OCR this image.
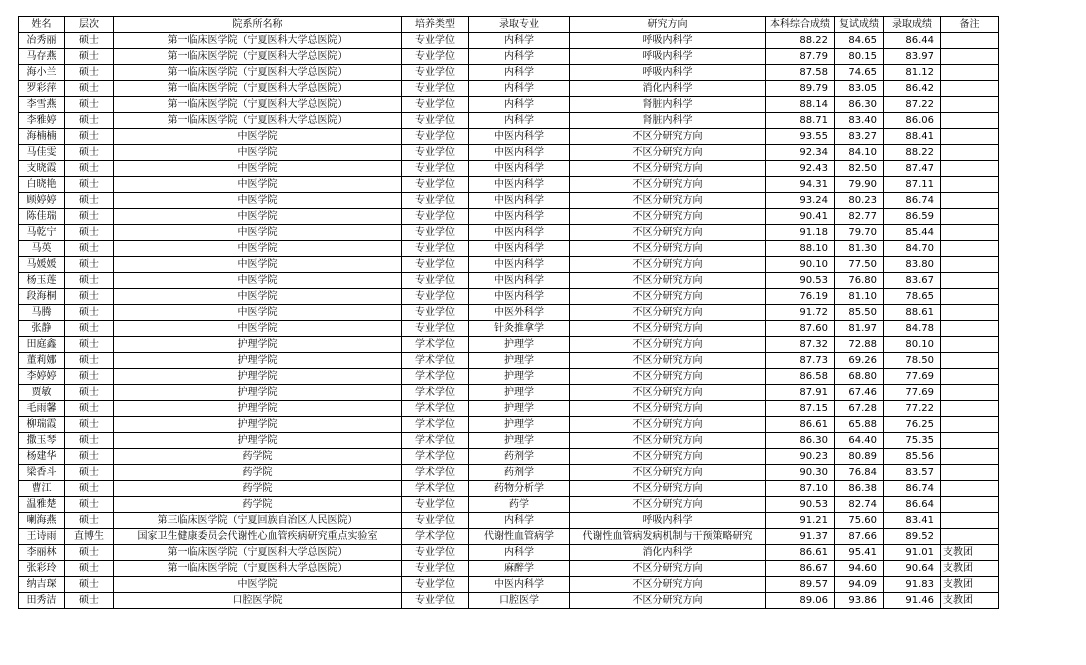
姓名	层次	院系所名称	培养类型	录取专业	研究方向	本科综合成绩	复试成绩	录取成绩	备注
冶秀丽	硕士	第一临床医学院（宁夏医科大学总医院）	专业学位	内科学	呼吸内科学	88.22	84.65	86.44	
马存燕	硕士	第一临床医学院（宁夏医科大学总医院）	专业学位	内科学	呼吸内科学	87.79	80.15	83.97	
海小兰	硕士	第一临床医学院（宁夏医科大学总医院）	专业学位	内科学	呼吸内科学	87.58	74.65	81.12	
罗彩萍	硕士	第一临床医学院（宁夏医科大学总医院）	专业学位	内科学	消化内科学	89.79	83.05	86.42	
李雪燕	硕士	第一临床医学院（宁夏医科大学总医院）	专业学位	内科学	肾脏内科学	88.14	86.30	87.22	
李雅婷	硕士	第一临床医学院（宁夏医科大学总医院）	专业学位	内科学	肾脏内科学	88.71	83.40	86.06	
海楠楠	硕士	中医学院	专业学位	中医内科学	不区分研究方向	93.55	83.27	88.41	
马佳雯	硕士	中医学院	专业学位	中医内科学	不区分研究方向	92.34	84.10	88.22	
支晓霞	硕士	中医学院	专业学位	中医内科学	不区分研究方向	92.43	82.50	87.47	
白晓艳	硕士	中医学院	专业学位	中医内科学	不区分研究方向	94.31	79.90	87.11	
顾婷婷	硕士	中医学院	专业学位	中医内科学	不区分研究方向	93.24	80.23	86.74	
陈佳瑞	硕士	中医学院	专业学位	中医内科学	不区分研究方向	90.41	82.77	86.59	
马乾宁	硕士	中医学院	专业学位	中医内科学	不区分研究方向	91.18	79.70	85.44	
马英	硕士	中医学院	专业学位	中医内科学	不区分研究方向	88.10	81.30	84.70	
马媛媛	硕士	中医学院	专业学位	中医内科学	不区分研究方向	90.10	77.50	83.80	
杨玉莲	硕士	中医学院	专业学位	中医内科学	不区分研究方向	90.53	76.80	83.67	
段海桐	硕士	中医学院	专业学位	中医内科学	不区分研究方向	76.19	81.10	78.65	
马腾	硕士	中医学院	专业学位	中医外科学	不区分研究方向	91.72	85.50	88.61	
张静	硕士	中医学院	专业学位	针灸推拿学	不区分研究方向	87.60	81.97	84.78	
田庭鑫	硕士	护理学院	学术学位	护理学	不区分研究方向	87.32	72.88	80.10	
董莉娜	硕士	护理学院	学术学位	护理学	不区分研究方向	87.73	69.26	78.50	
李婷婷	硕士	护理学院	学术学位	护理学	不区分研究方向	86.58	68.80	77.69	
贾敏	硕士	护理学院	学术学位	护理学	不区分研究方向	87.91	67.46	77.69	
毛雨馨	硕士	护理学院	学术学位	护理学	不区分研究方向	87.15	67.28	77.22	
柳瑞霞	硕士	护理学院	学术学位	护理学	不区分研究方向	86.61	65.88	76.25	
撒玉琴	硕士	护理学院	学术学位	护理学	不区分研究方向	86.30	64.40	75.35	
杨建华	硕士	药学院	学术学位	药剂学	不区分研究方向	90.23	80.89	85.56	
梁香斗	硕士	药学院	学术学位	药剂学	不区分研究方向	90.30	76.84	83.57	
曹江	硕士	药学院	学术学位	药物分析学	不区分研究方向	87.10	86.38	86.74	
温雅楚	硕士	药学院	专业学位	药学	不区分研究方向	90.53	82.74	86.64	
喇海燕	硕士	第三临床医学院（宁夏回族自治区人民医院）	专业学位	内科学	呼吸内科学	91.21	75.60	83.41	
王诗雨	直博生	国家卫生健康委员会代谢性心血管疾病研究重点实验室	学术学位	代谢性血管病学	代谢性血管病发病机制与干预策略研究	91.37	87.66	89.52	
李丽林	硕士	第一临床医学院（宁夏医科大学总医院）	专业学位	内科学	消化内科学	86.61	95.41	91.01	支教团
张彩玲	硕士	第一临床医学院（宁夏医科大学总医院）	专业学位	麻醉学	不区分研究方向	86.67	94.60	90.64	支教团
纳吉琛	硕士	中医学院	专业学位	中医内科学	不区分研究方向	89.57	94.09	91.83	支教团
田秀洁	硕士	口腔医学院	专业学位	口腔医学	不区分研究方向	89.06	93.86	91.46	支教团
